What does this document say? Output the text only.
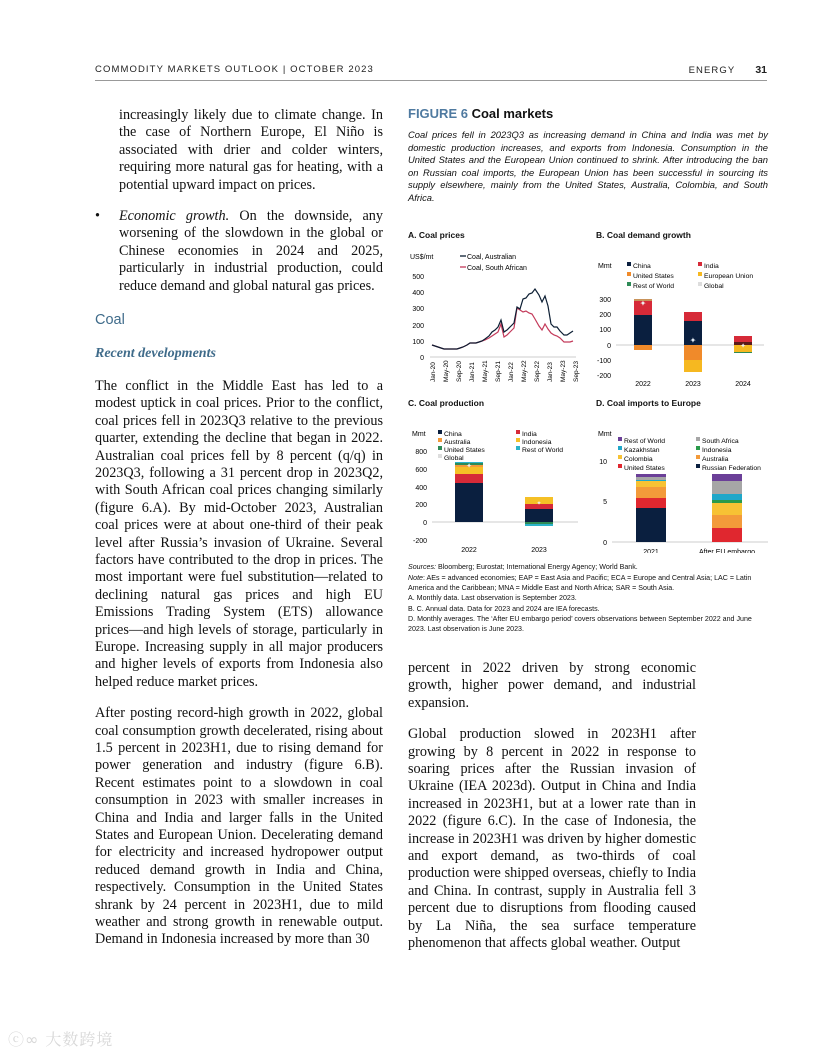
COMMODITY MARKETS OUTLOOK | OCTOBER 2023	ENERGY 31

increasingly likely due to climate change. In the case of Northern Europe, El Niño is associated with drier and colder winters, requiring more natural gas for heating, with a potential upward impact on prices.

• Economic growth. On the downside, any worsening of the slowdown in the global or Chinese economies in 2024 and 2025, particularly in industrial production, could reduce demand and global natural gas prices.

Coal

Recent developments

The conflict in the Middle East has led to a modest uptick in coal prices. Prior to the conflict, coal prices fell in 2023Q3 relative to the previous quarter, extending the decline that began in 2022. Australian coal prices fell by 8 percent (q/q) in 2023Q3, following a 31 percent drop in 2023Q2, with South African coal prices changing similarly (figure 6.A). By mid-October 2023, Australian coal prices were at about one-third of their peak level after Russia’s invasion of Ukraine. Several factors have contributed to the drop in prices. The most important were fuel substitution—related to declining natural gas prices and high EU Emissions Trading System (ETS) allowance prices—and high levels of storage, particularly in Europe. Increasing supply in all major producers and higher levels of exports from Indonesia also helped reduce market prices.

After posting record-high growth in 2022, global coal consumption growth decelerated, rising about 1.5 percent in 2023H1, due to rising demand for power generation and industry (figure 6.B). Recent estimates point to a slowdown in coal consumption in 2023 with smaller increases in China and India and larger falls in the United States and European Union. Decelerating demand for electricity and increased hydropower output reduced demand growth in India and China, respectively. Consumption in the United States shrank by 24 percent in 2023H1, due to mild weather and strong growth in renewable output. Demand in Indonesia increased by more than 30

FIGURE 6 Coal markets
Coal prices fell in 2023Q3 as increasing demand in China and India was met by domestic production increases, and exports from Indonesia. Consumption in the United States and the European Union continued to shrink. After introducing the ban on Russian coal imports, the European Union has been successful in sourcing its supply elsewhere, mainly from the United States, Australia, Colombia, and South Africa.
A. Coal prices
US$/mt
500
400
300
200
100
0
Coal, Australian
Coal, South African
Jan-20 May-20 Sep-20 Jan-21 May-21 Sep-21 Jan-22 May-22 Sep-22 Jan-23 May-23 Sep-23
B. Coal demand growth
Mmt	China	India
United States	European Union
Rest of World	Global
300
200
100
0
-100
-200
✦
✦
✦
2022	2023	2024
C. Coal production
Mmt	China	India
Australia	Indonesia
United States	Rest of World
Global
800
600
400
200
0
-200
✦
✦
2022	2023
D. Coal imports to Europe
Mmt
Rest of World	South Africa
Kazakhstan	Indonesia
Colombia	Australia
United States	Russian Federation
10
5
0
2021	After EU embargo
Sources: Bloomberg; Eurostat; International Energy Agency; World Bank.
Note: AEs = advanced economies; EAP = East Asia and Pacific; ECA = Europe and Central Asia; LAC = Latin America and the Caribbean; MNA = Middle East and North Africa; SAR = South Asia.
A. Monthly data. Last observation is September 2023.
B. C. Annual data. Data for 2023 and 2024 are IEA forecasts.
D. Monthly averages. The ‘After EU embargo period’ covers observations between September 2022 and June 2023. Last observation is June 2023.

percent in 2022 driven by strong economic growth, higher power demand, and industrial expansion.

Global production slowed in 2023H1 after growing by 8 percent in 2022 in response to soaring prices after the Russian invasion of Ukraine (IEA 2023d). Output in China and India increased in 2023H1, but at a lower rate than in 2022 (figure 6.C). In the case of Indonesia, the increase in 2023H1 was driven by higher domestic and export demand, as two-thirds of coal production were shipped overseas, chiefly to India and China. In contrast, supply in Australia fell 3 percent due to disruptions from flooding caused by La Niña, the sea surface temperature phenomenon that affects global weather. Output

ⓒ∞ 大数跨境
